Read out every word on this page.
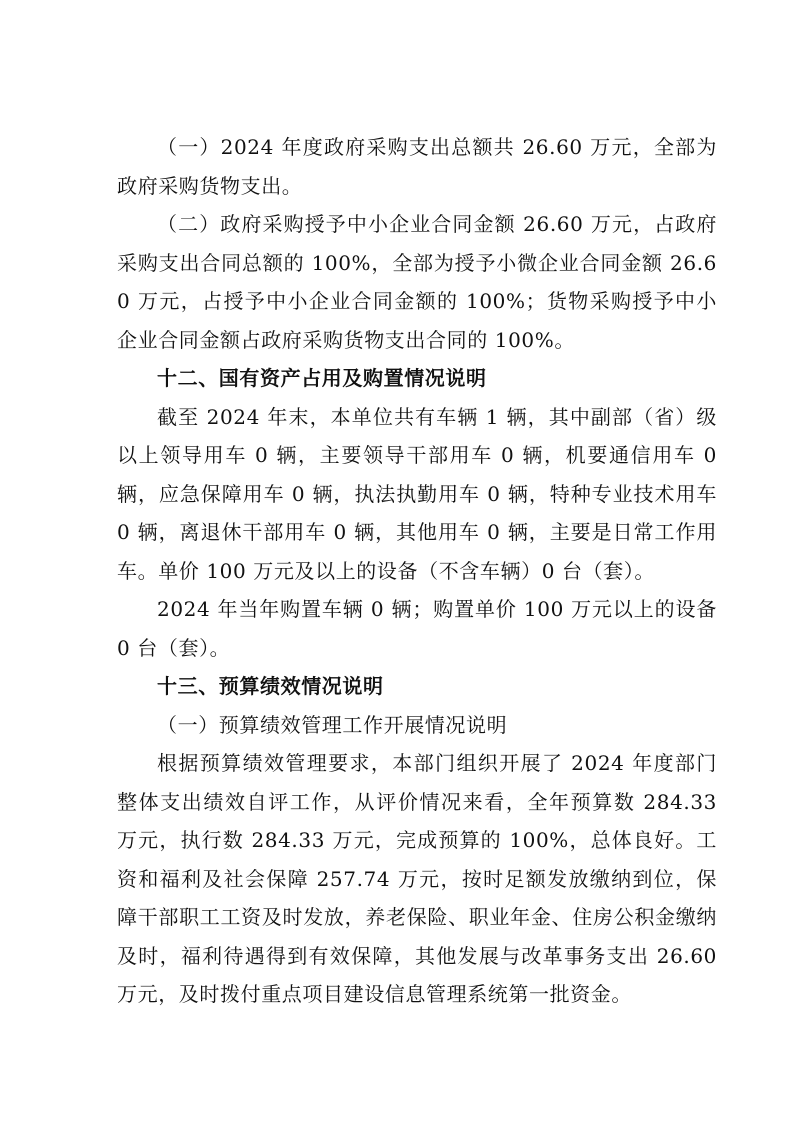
（一）2024 年度政府采购支出总额共 26.60 万元，全部为政府采购货物支出。

（二）政府采购授予中小企业合同金额 26.60 万元，占政府采购支出合同总额的 100%，全部为授予小微企业合同金额 26.60 万元，占授予中小企业合同金额的 100%；货物采购授予中小企业合同金额占政府采购货物支出合同的 100%。

十二、国有资产占用及购置情况说明

截至 2024 年末，本单位共有车辆 1 辆，其中副部（省）级以上领导用车 0 辆，主要领导干部用车 0 辆，机要通信用车 0 辆，应急保障用车 0 辆，执法执勤用车 0 辆，特种专业技术用车 0 辆，离退休干部用车 0 辆，其他用车 0 辆，主要是日常工作用车。单价 100 万元及以上的设备（不含车辆）0 台（套）。

2024 年当年购置车辆 0 辆；购置单价 100 万元以上的设备 0 台（套）。

十三、预算绩效情况说明

（一）预算绩效管理工作开展情况说明

根据预算绩效管理要求，本部门组织开展了 2024 年度部门整体支出绩效自评工作，从评价情况来看，全年预算数 284.33 万元，执行数 284.33 万元，完成预算的 100%，总体良好。工资和福利及社会保障 257.74 万元，按时足额发放缴纳到位，保障干部职工工资及时发放，养老保险、职业年金、住房公积金缴纳及时，福利待遇得到有效保障，其他发展与改革事务支出 26.60 万元，及时拨付重点项目建设信息管理系统第一批资金。
